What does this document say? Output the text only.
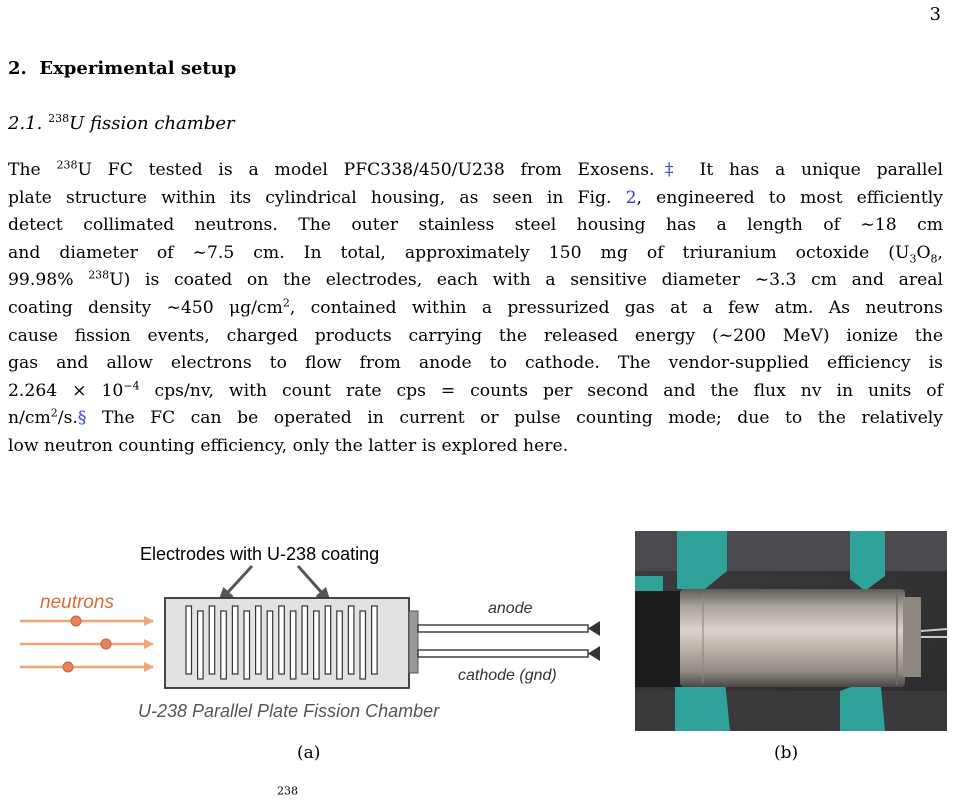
3
2. Experimental setup
2.1. $^{238}$U fission chamber

The $^{238}$U FC tested is a model PFC338/450/U238 from Exosens.‡ It has a unique parallel
plate structure within its cylindrical housing, as seen in Fig. 2, engineered to most efficiently
detect collimated neutrons. The outer stainless steel housing has a length of ∼18 cm
and diameter of ∼7.5 cm. In total, approximately 150 mg of triuranium octoxide ($U_3O_8$,
99.98% $^{238}$U) is coated on the electrodes, each with a sensitive diameter ∼3.3 cm and areal
coating density ∼450 $\mu g/cm^2$, contained within a pressurized gas at a few atm. As neutrons
cause fission events, charged products carrying the released energy (∼200 MeV) ionize the
gas and allow electrons to flow from anode to cathode. The vendor-supplied efficiency is
$2.264 \times 10^{-4}$ cps/nv, with count rate cps = counts per second and the flux nv in units of
$n/cm^2/s.\S$ The FC can be operated in current or pulse counting mode; due to the relatively
low neutron counting efficiency, only the latter is explored here.

Electrodes with U-238 coating
neutrons	anode
cathode (gnd)
U-238 Parallel Plate Fission Chamber
(a)	(b)
$^{238}$
